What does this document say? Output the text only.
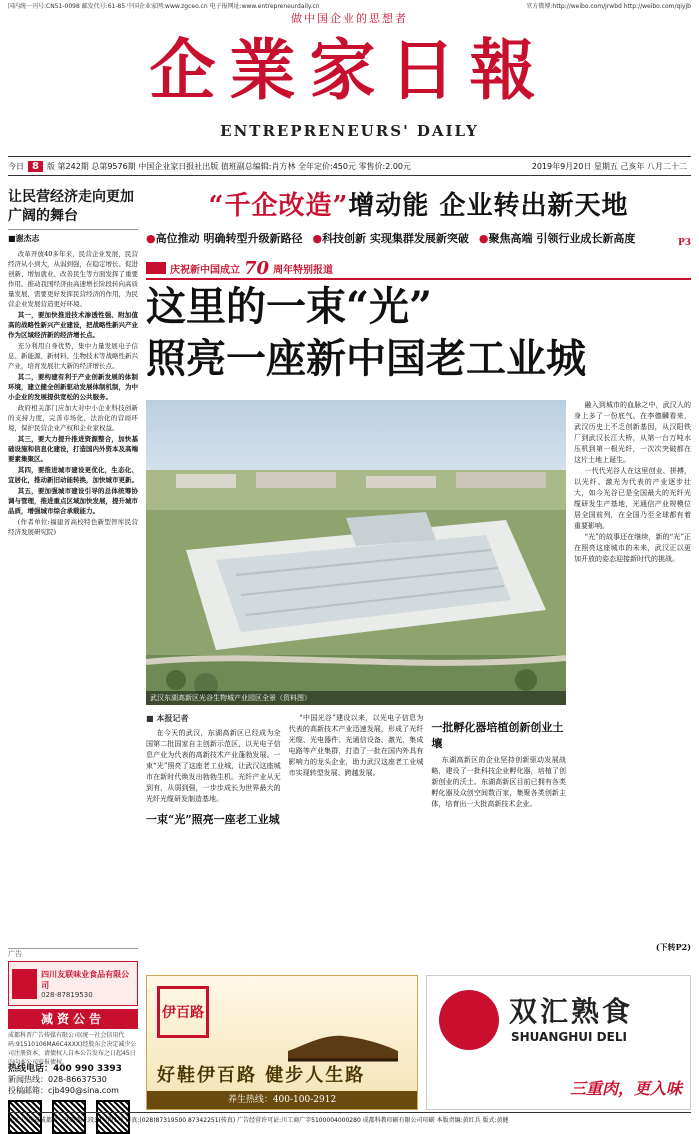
国内统一刊号:CN51-0098 邮发代号:61-85 中国企业家网:www.zgceo.cn 电子报网址:www.entrepreneurdaily.cn	官方微博:http://weibo.com/jrwbd http://weibo.com/qiyjb
做中国企业的思想者
企業家日報
ENTREPRENEURS' DAILY
今日 8	版 第242期 总第9576期 中国企业家日报社出版 值班副总编辑:肖方林 全年定价:450元 零售价:2.00元	2019年9月20日 星期五 己亥年 八月二十二
让民营经济走向更加广阔的舞台
■谢杰志

改革开放40多年来，民营企业发展，民营经济从小到大，从弱到强，在稳定增长、促进创新、增加就业、改善民生等方面发挥了重要作用。推动我国经济由高速增长阶段转向高质量发展，需要更好发挥民营经济的作用，为民营企业发展营造更好环境。

其一，要加快推进技术渗透性强、附加值高的战略性新兴产业建设，把战略性新兴产业作为区域经济新的经济增长点。

充分利用自身优势，集中力量发展电子信息、新能源、新材料、生物技术等战略性新兴产业，培育发展壮大新的经济增长点。

其二，要构建有利于产业创新发展的体制环境，建立健全创新驱动发展体制机制，为中小企业的发展提供宽松的公共服务。

政府相关部门应加大对中小企业科技创新的支持力度，完善市场化、法治化的营商环境，保护民营企业产权和企业家权益。

其三，要大力提升推进资源整合，加快基础设施和信息化建设，打造国内外资本及高端要素集聚区。

其四，要推进城市建设更优化，生态化、宜居化，推动新旧动能转换，加快城市更新。

其五，要加强城市建设引导的总体统筹协调与管理，推进重点区域加快发展，提升城市品质，增强城市综合承载能力。

(作者单位:福建省高校特色新型智库民营经济发展研究院)

广告
四川友联味业食品有限公司
028-87819530
减资公告
成都科晋广告传媒有限公司(统一社会信用代码:91510106MA6C4XXX)经股东会决定减少公司注册资本，请债权人自本公告发布之日起45日内向本公司申报债权。
热线电话：400 990 3393
新闻热线：028-86637530
投稿邮箱：cjb490@sina.com
“千企改造”增动能 企业转出新天地
●高位推动 明确转型升级新路径 ●科技创新 实现集群发展新突破 ●聚焦高端 引领行业成长新高度	P3
庆祝新中国成立 70 周年特别报道
这里的一束“光”
照亮一座新中国老工业城
武汉东湖高新区光谷生物城产业园区全景（资料图）
融入到城市的血脉之中，武汉人的身上多了一份底气。在李德麟看来，武汉历史上不乏创新基因，从汉阳铁厂到武汉长江大桥，从第一台万吨水压机到第一根光纤，一次次突破都在这片土地上诞生。
一代代光谷人在这里创业、拼搏，以光纤、激光为代表的产业逐步壮大，如今光谷已是全国最大的光纤光缆研发生产基地，光通信产业规模位居全国前列，在全国乃至全球都有着重要影响。
“光”的故事还在继续，新的“光”正在照亮这座城市的未来，武汉正以更加开放的姿态迎接新时代的挑战。
■ 本报记者
在今天的武汉，东湖高新区已经成为全国第二批国家自主创新示范区，以光电子信息产业为代表的高新技术产业蓬勃发展。一束“光”照亮了这座老工业城，让武汉这座城市在新时代焕发出勃勃生机。光纤产业从无到有，从弱到强，一步步成长为世界最大的光纤光缆研发制造基地。
一束“光”照亮一座老工业城
“中国光谷”建设以来，以光电子信息为代表的高新技术产业迅速发展，形成了光纤光缆、光电器件、光通信设备、激光、集成电路等产业集群，打造了一批在国内外具有影响力的龙头企业，助力武汉这座老工业城市实现转型发展、跨越发展。
一批孵化器培植创新创业土壤
东湖高新区的企业坚持创新驱动发展战略，建设了一批科技企业孵化器，培植了创新创业的沃土。东湖高新区目前已拥有各类孵化器及众创空间数百家，集聚各类创新主体，培育出一大批高新技术企业。
(下转P2)
伊百路
好鞋伊百路 健步人生路
养生热线：400-100-2912
双汇熟食
SHUANGHUI DELI
三重肉，更入味
地址:四川省成都市一环路西三段33号附1号 传真:(028)87319500 87342251(传真) 广告经营许可证:川工商广字5100004000280 成都科教印刷有限公司印刷 本版责编:黄红兵 版式:黄健
